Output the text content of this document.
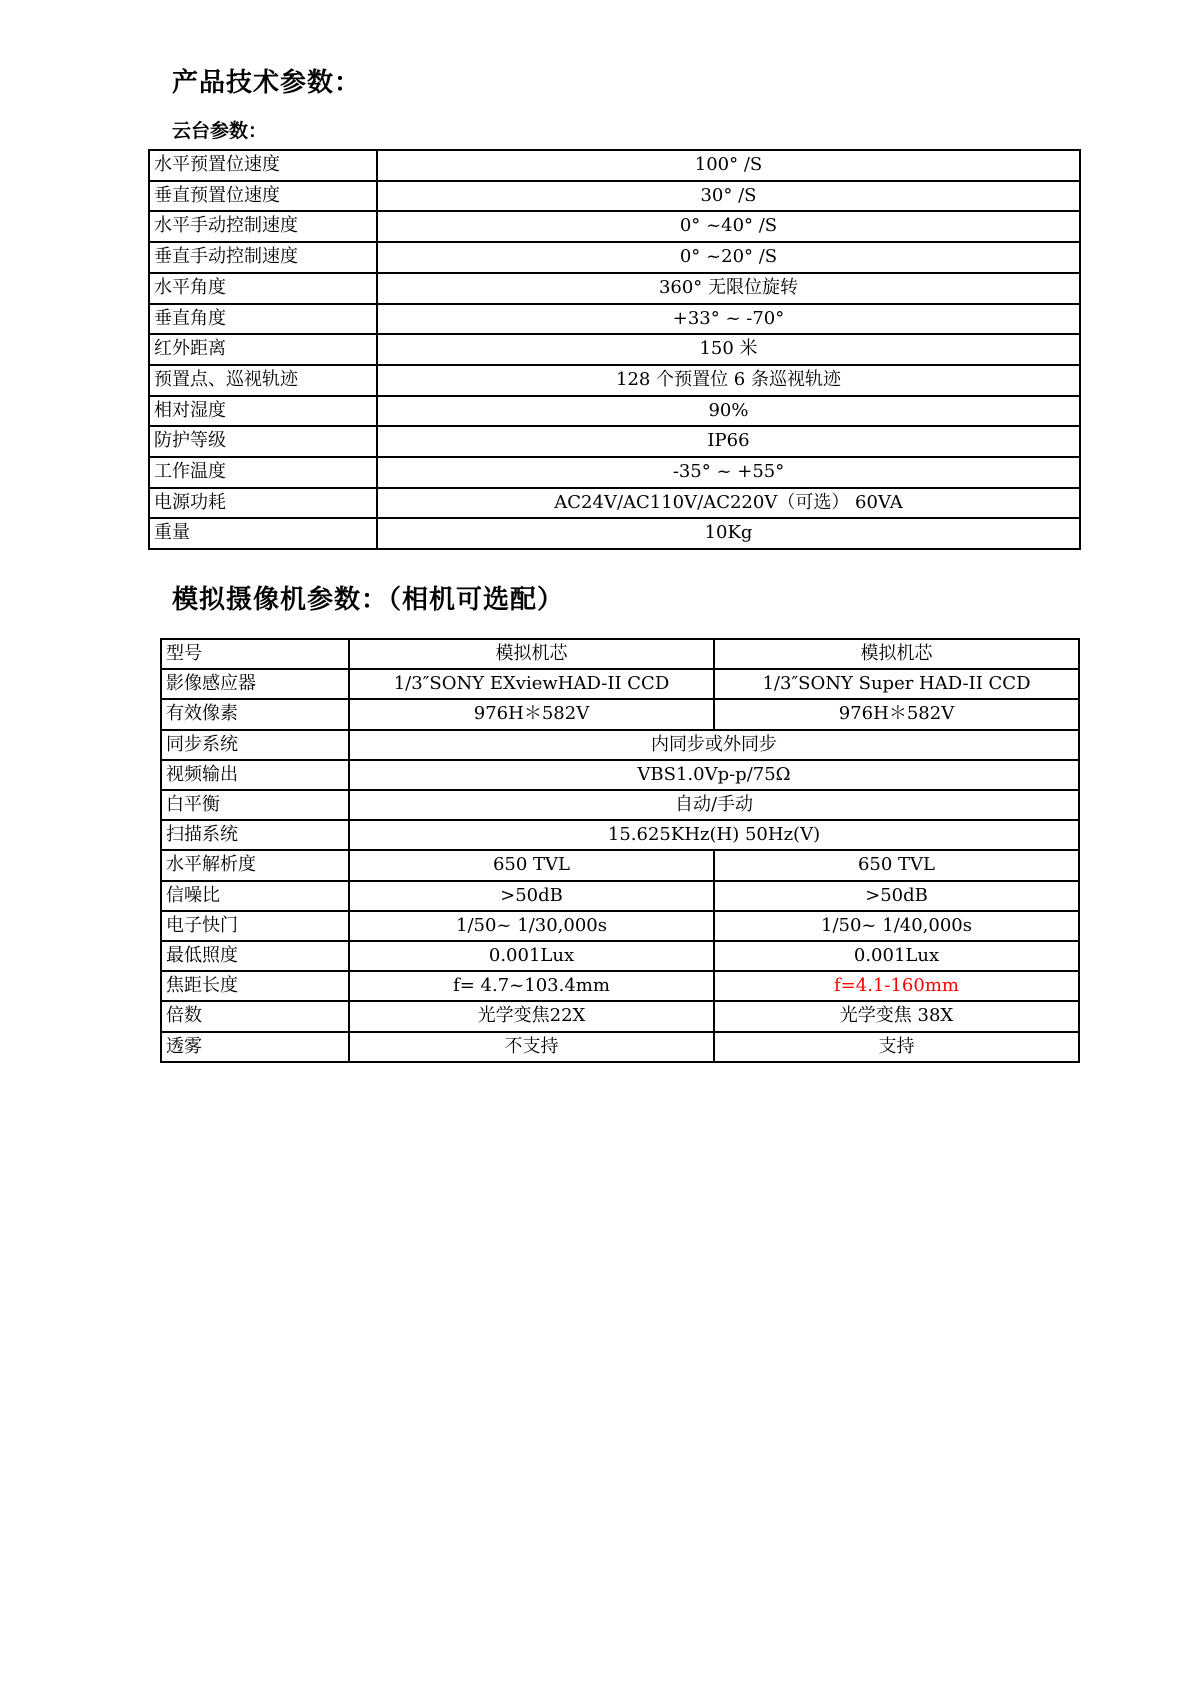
产品技术参数：
云台参数：
水平预置位速度	100° /S
垂直预置位速度	30° /S
水平手动控制速度	0° ~40° /S
垂直手动控制速度	0° ~20° /S
水平角度	360° 无限位旋转
垂直角度	+33° ~ -70°
红外距离	150 米
预置点、巡视轨迹	128 个预置位 6 条巡视轨迹
相对湿度	90%
防护等级	IP66
工作温度	-35° ~ +55°
电源功耗	AC24V/AC110V/AC220V（可选） 60VA
重量	10Kg
模拟摄像机参数：（相机可选配）
型号	模拟机芯	模拟机芯
影像感应器	1/3″SONY EXviewHAD-II CCD	1/3″SONY Super HAD-II CCD
有效像素	976H＊582V	976H＊582V
同步系统	内同步或外同步	
视频输出	VBS1.0Vp-p/75Ω	
白平衡	自动/手动	
扫描系统	15.625KHz(H) 50Hz(V)	
水平解析度	650 TVL	650 TVL
信噪比	>50dB	>50dB
电子快门	1/50~ 1/30,000s	1/50~ 1/40,000s
最低照度	0.001Lux	0.001Lux
焦距长度	f= 4.7~103.4mm	f=4.1-160mm
倍数	光学变焦22X	光学变焦 38X
透雾	不支持	支持
